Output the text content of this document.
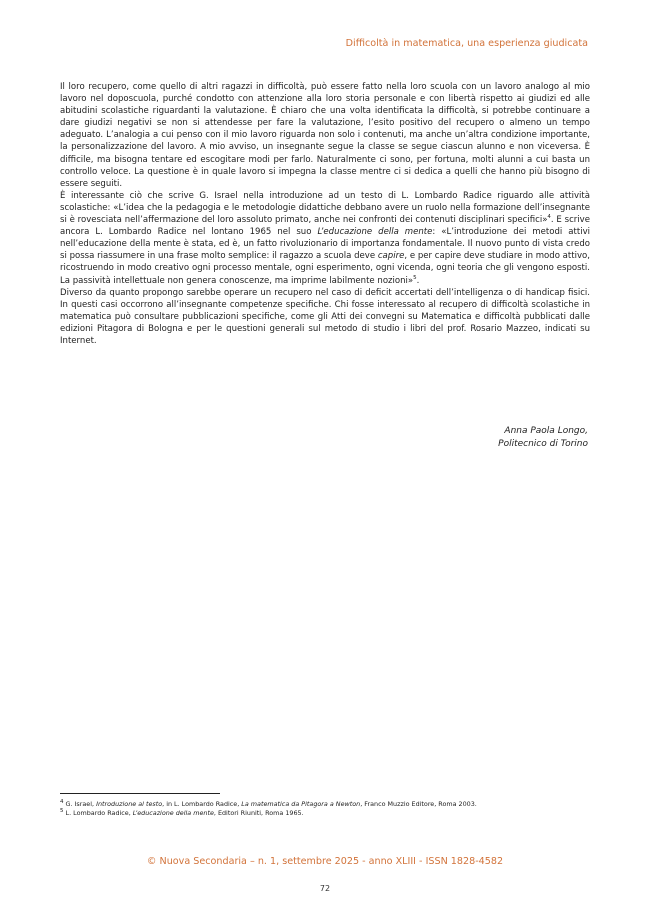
Difficoltà in matematica, una esperienza giudicata

Il loro recupero, come quello di altri ragazzi in difficoltà, può essere fatto nella loro scuola con un lavoro analogo al mio lavoro nel doposcuola, purché condotto con attenzione alla loro storia personale e con libertà rispetto ai giudizi ed alle abitudini scolastiche riguardanti la valutazione. È chiaro che una volta identificata la difficoltà, si potrebbe continuare a dare giudizi negativi se non si attendesse per fare la valutazione, l’esito positivo del recupero o almeno un tempo adeguato. L’analogia a cui penso con il mio lavoro riguarda non solo i contenuti, ma anche un’altra condizione importante, la personalizzazione del lavoro. A mio avviso, un insegnante segue la classe se segue ciascun alunno e non viceversa. È difficile, ma bisogna tentare ed escogitare modi per farlo. Naturalmente ci sono, per fortuna, molti alunni a cui basta un controllo veloce. La questione è in quale lavoro si impegna la classe mentre ci si dedica a quelli che hanno più bisogno di essere seguiti.

È interessante ciò che scrive G. Israel nella introduzione ad un testo di L. Lombardo Radice riguardo alle attività scolastiche: «L’idea che la pedagogia e le metodologie didattiche debbano avere un ruolo nella formazione dell’insegnante si è rovesciata nell’affermazione del loro assoluto primato, anche nei confronti dei contenuti disciplinari specifici»$^4$. E scrive ancora L. Lombardo Radice nel lontano 1965 nel suo L’educazione della mente: «L’introduzione dei metodi attivi nell’educazione della mente è stata, ed è, un fatto rivoluzionario di importanza fondamentale. Il nuovo punto di vista credo si possa riassumere in una frase molto semplice: il ragazzo a scuola deve capire, e per capire deve studiare in modo attivo, ricostruendo in modo creativo ogni processo mentale, ogni esperimento, ogni vicenda, ogni teoria che gli vengono esposti. La passività intellettuale non genera conoscenze, ma imprime labilmente nozioni»$^5$.

Diverso da quanto propongo sarebbe operare un recupero nel caso di deficit accertati dell’intelligenza o di handicap fisici. In questi casi occorrono all’insegnante competenze specifiche. Chi fosse interessato al recupero di difficoltà scolastiche in matematica può consultare pubblicazioni specifiche, come gli Atti dei convegni su Matematica e difficoltà pubblicati dalle edizioni Pitagora di Bologna e per le questioni generali sul metodo di studio i libri del prof. Rosario Mazzeo, indicati su Internet.

Anna Paola Longo,
Politecnico di Torino

$^4$ G. Israel, Introduzione al testo, in L. Lombardo Radice, La matematica da Pitagora a Newton, Franco Muzzio Editore, Roma 2003.

$^5$ L. Lombardo Radice, L’educazione della mente, Editori Riuniti, Roma 1965.

© Nuova Secondaria – n. 1, settembre 2025 - anno XLIII - ISSN 1828-4582
72
